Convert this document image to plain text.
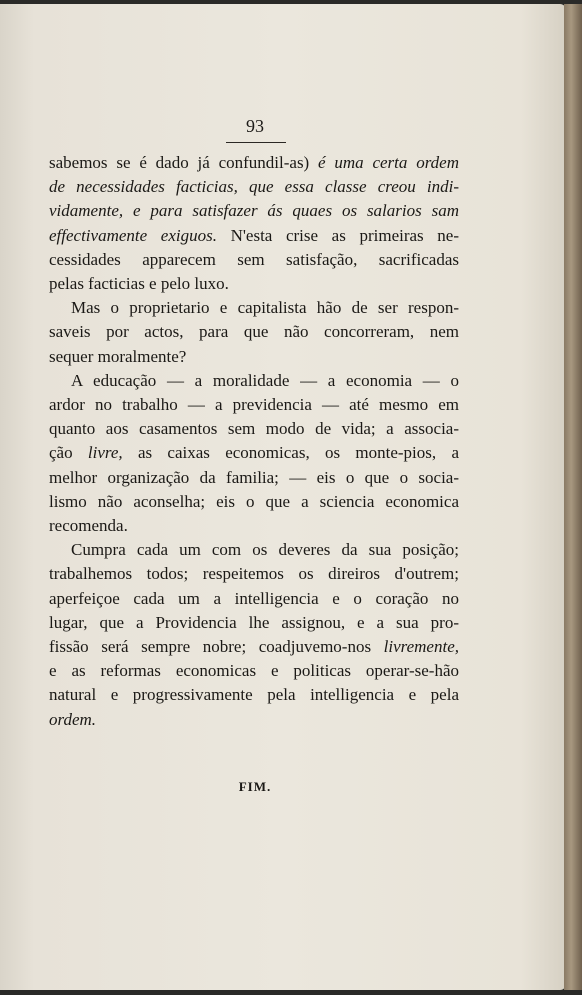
93
sabemos se é dado já confundil-as) é uma certa ordem
de necessidades facticias, que essa classe creou indi-
vidamente, e para satisfazer ás quaes os salarios sam
effectivamente exiguos. N'esta crise as primeiras ne-
cessidades apparecem sem satisfação, sacrificadas
pelas facticias e pelo luxo.
Mas o proprietario e capitalista hão de ser respon-
saveis por actos, para que não concorreram, nem
sequer moralmente?
A educação — a moralidade — a economia — o
ardor no trabalho — a previdencia — até mesmo em
quanto aos casamentos sem modo de vida; a associa-
ção livre, as caixas economicas, os monte-pios, a
melhor organização da familia; — eis o que o socia-
lismo não aconselha; eis o que a sciencia economica
recomenda.
Cumpra cada um com os deveres da sua posição;
trabalhemos todos; respeitemos os direiros d'outrem;
aperfeiçoe cada um a intelligencia e o coração no
lugar, que a Providencia lhe assignou, e a sua pro-
fissão será sempre nobre; coadjuvemo-nos livremente,
e as reformas economicas e politicas operar-se-hão
natural e progressivamente pela intelligencia e pela
ordem.
FIM.
